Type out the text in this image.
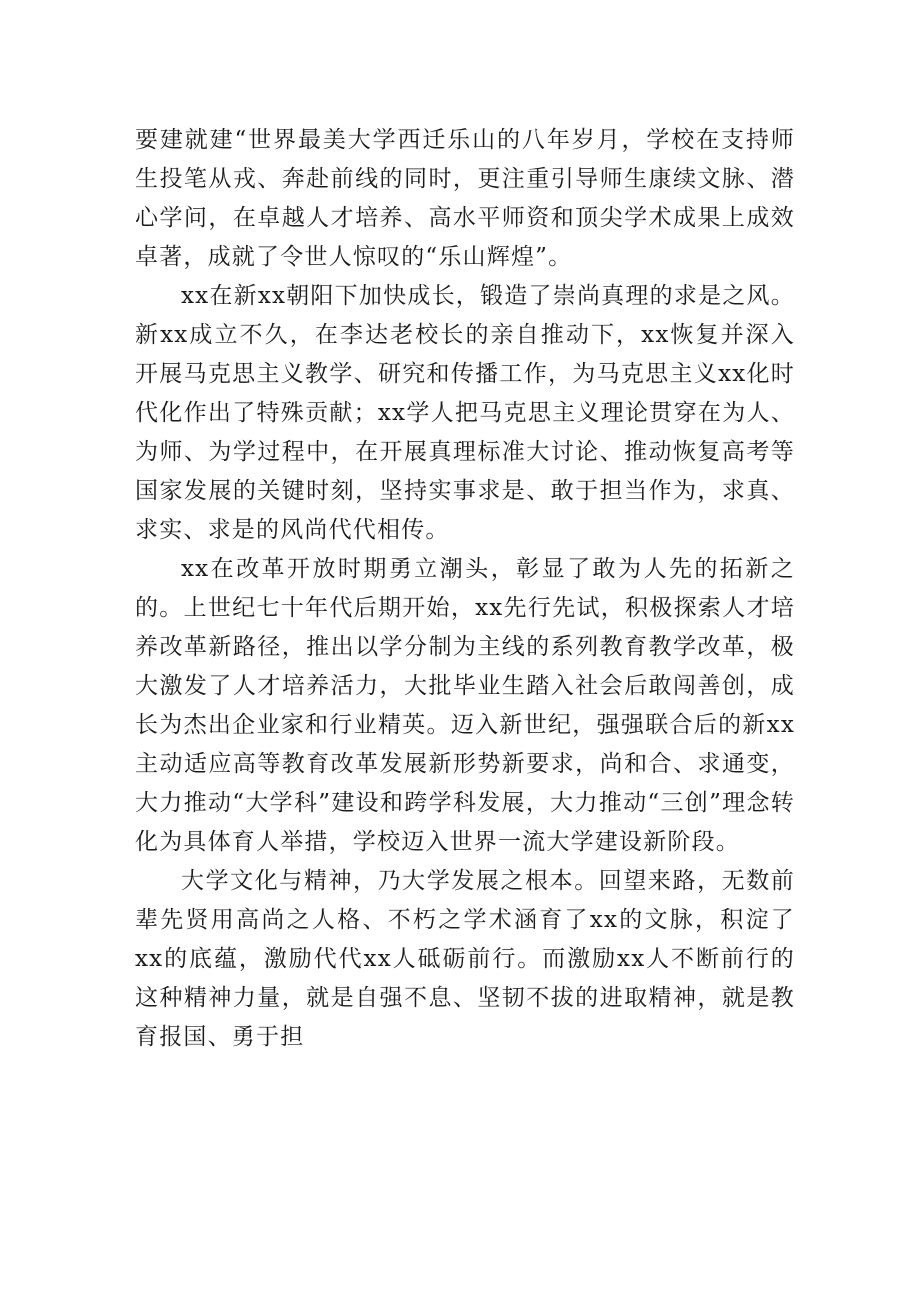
要建就建“世界最美大学西迁乐山的八年岁月，学校在支持师生投笔从戎、奔赴前线的同时，更注重引导师生康续文脉、潜心学问，在卓越人才培养、高水平师资和顶尖学术成果上成效卓著，成就了令世人惊叹的“乐山辉煌”。

xx在新xx朝阳下加快成长，锻造了崇尚真理的求是之风。新xx成立不久，在李达老校长的亲自推动下，xx恢复并深入开展马克思主义教学、研究和传播工作，为马克思主义xx化时代化作出了特殊贡献；xx学人把马克思主义理论贯穿在为人、为师、为学过程中，在开展真理标准大讨论、推动恢复高考等国家发展的关键时刻，坚持实事求是、敢于担当作为，求真、求实、求是的风尚代代相传。

xx在改革开放时期勇立潮头，彰显了敢为人先的拓新之的。上世纪七十年代后期开始，xx先行先试，积极探索人才培养改革新路径，推出以学分制为主线的系列教育教学改革，极大激发了人才培养活力，大批毕业生踏入社会后敢闯善创，成长为杰出企业家和行业精英。迈入新世纪，强强联合后的新xx主动适应高等教育改革发展新形势新要求，尚和合、求通变，大力推动“大学科”建设和跨学科发展，大力推动“三创”理念转化为具体育人举措，学校迈入世界一流大学建设新阶段。

大学文化与精神，乃大学发展之根本。回望来路，无数前辈先贤用高尚之人格、不朽之学术涵育了xx的文脉，积淀了xx的底蕴，激励代代xx人砥砺前行。而激励xx人不断前行的这种精神力量，就是自强不息、坚韧不拔的进取精神，就是教育报国、勇于担
